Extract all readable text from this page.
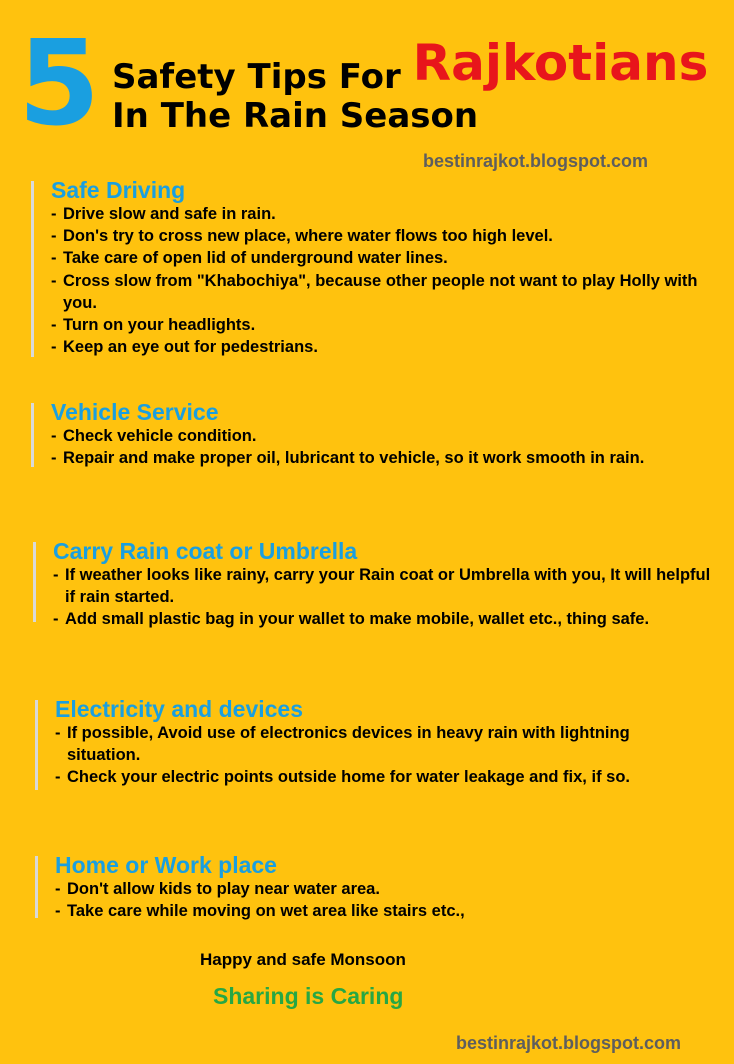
5 Safety Tips For Rajkotians
In The Rain Season
bestinrajkot.blogspot.com
Safe Driving
- Drive slow and safe in rain.
- Don's try to cross new place, where water flows too high level.
- Take care of open lid of underground water lines.
- Cross slow from "Khabochiya", because other people not want to play Holly with you.
- Turn on your headlights.
- Keep an eye out for pedestrians.
Vehicle Service
- Check vehicle condition.
- Repair and make proper oil, lubricant to vehicle, so it work smooth in rain.
Carry Rain coat or Umbrella
- If weather looks like rainy, carry your Rain coat or Umbrella with you, It will helpful if rain started.
- Add small plastic bag in your wallet to make mobile, wallet etc., thing safe.
Electricity and devices
- If possible, Avoid use of electronics devices in heavy rain with lightning situation.
- Check your electric points outside home for water leakage and fix, if so.
Home or Work place
- Don't allow kids to play near water area.
- Take care while moving on wet area like stairs etc.,
Happy and safe Monsoon
Sharing is Caring
bestinrajkot.blogspot.com
